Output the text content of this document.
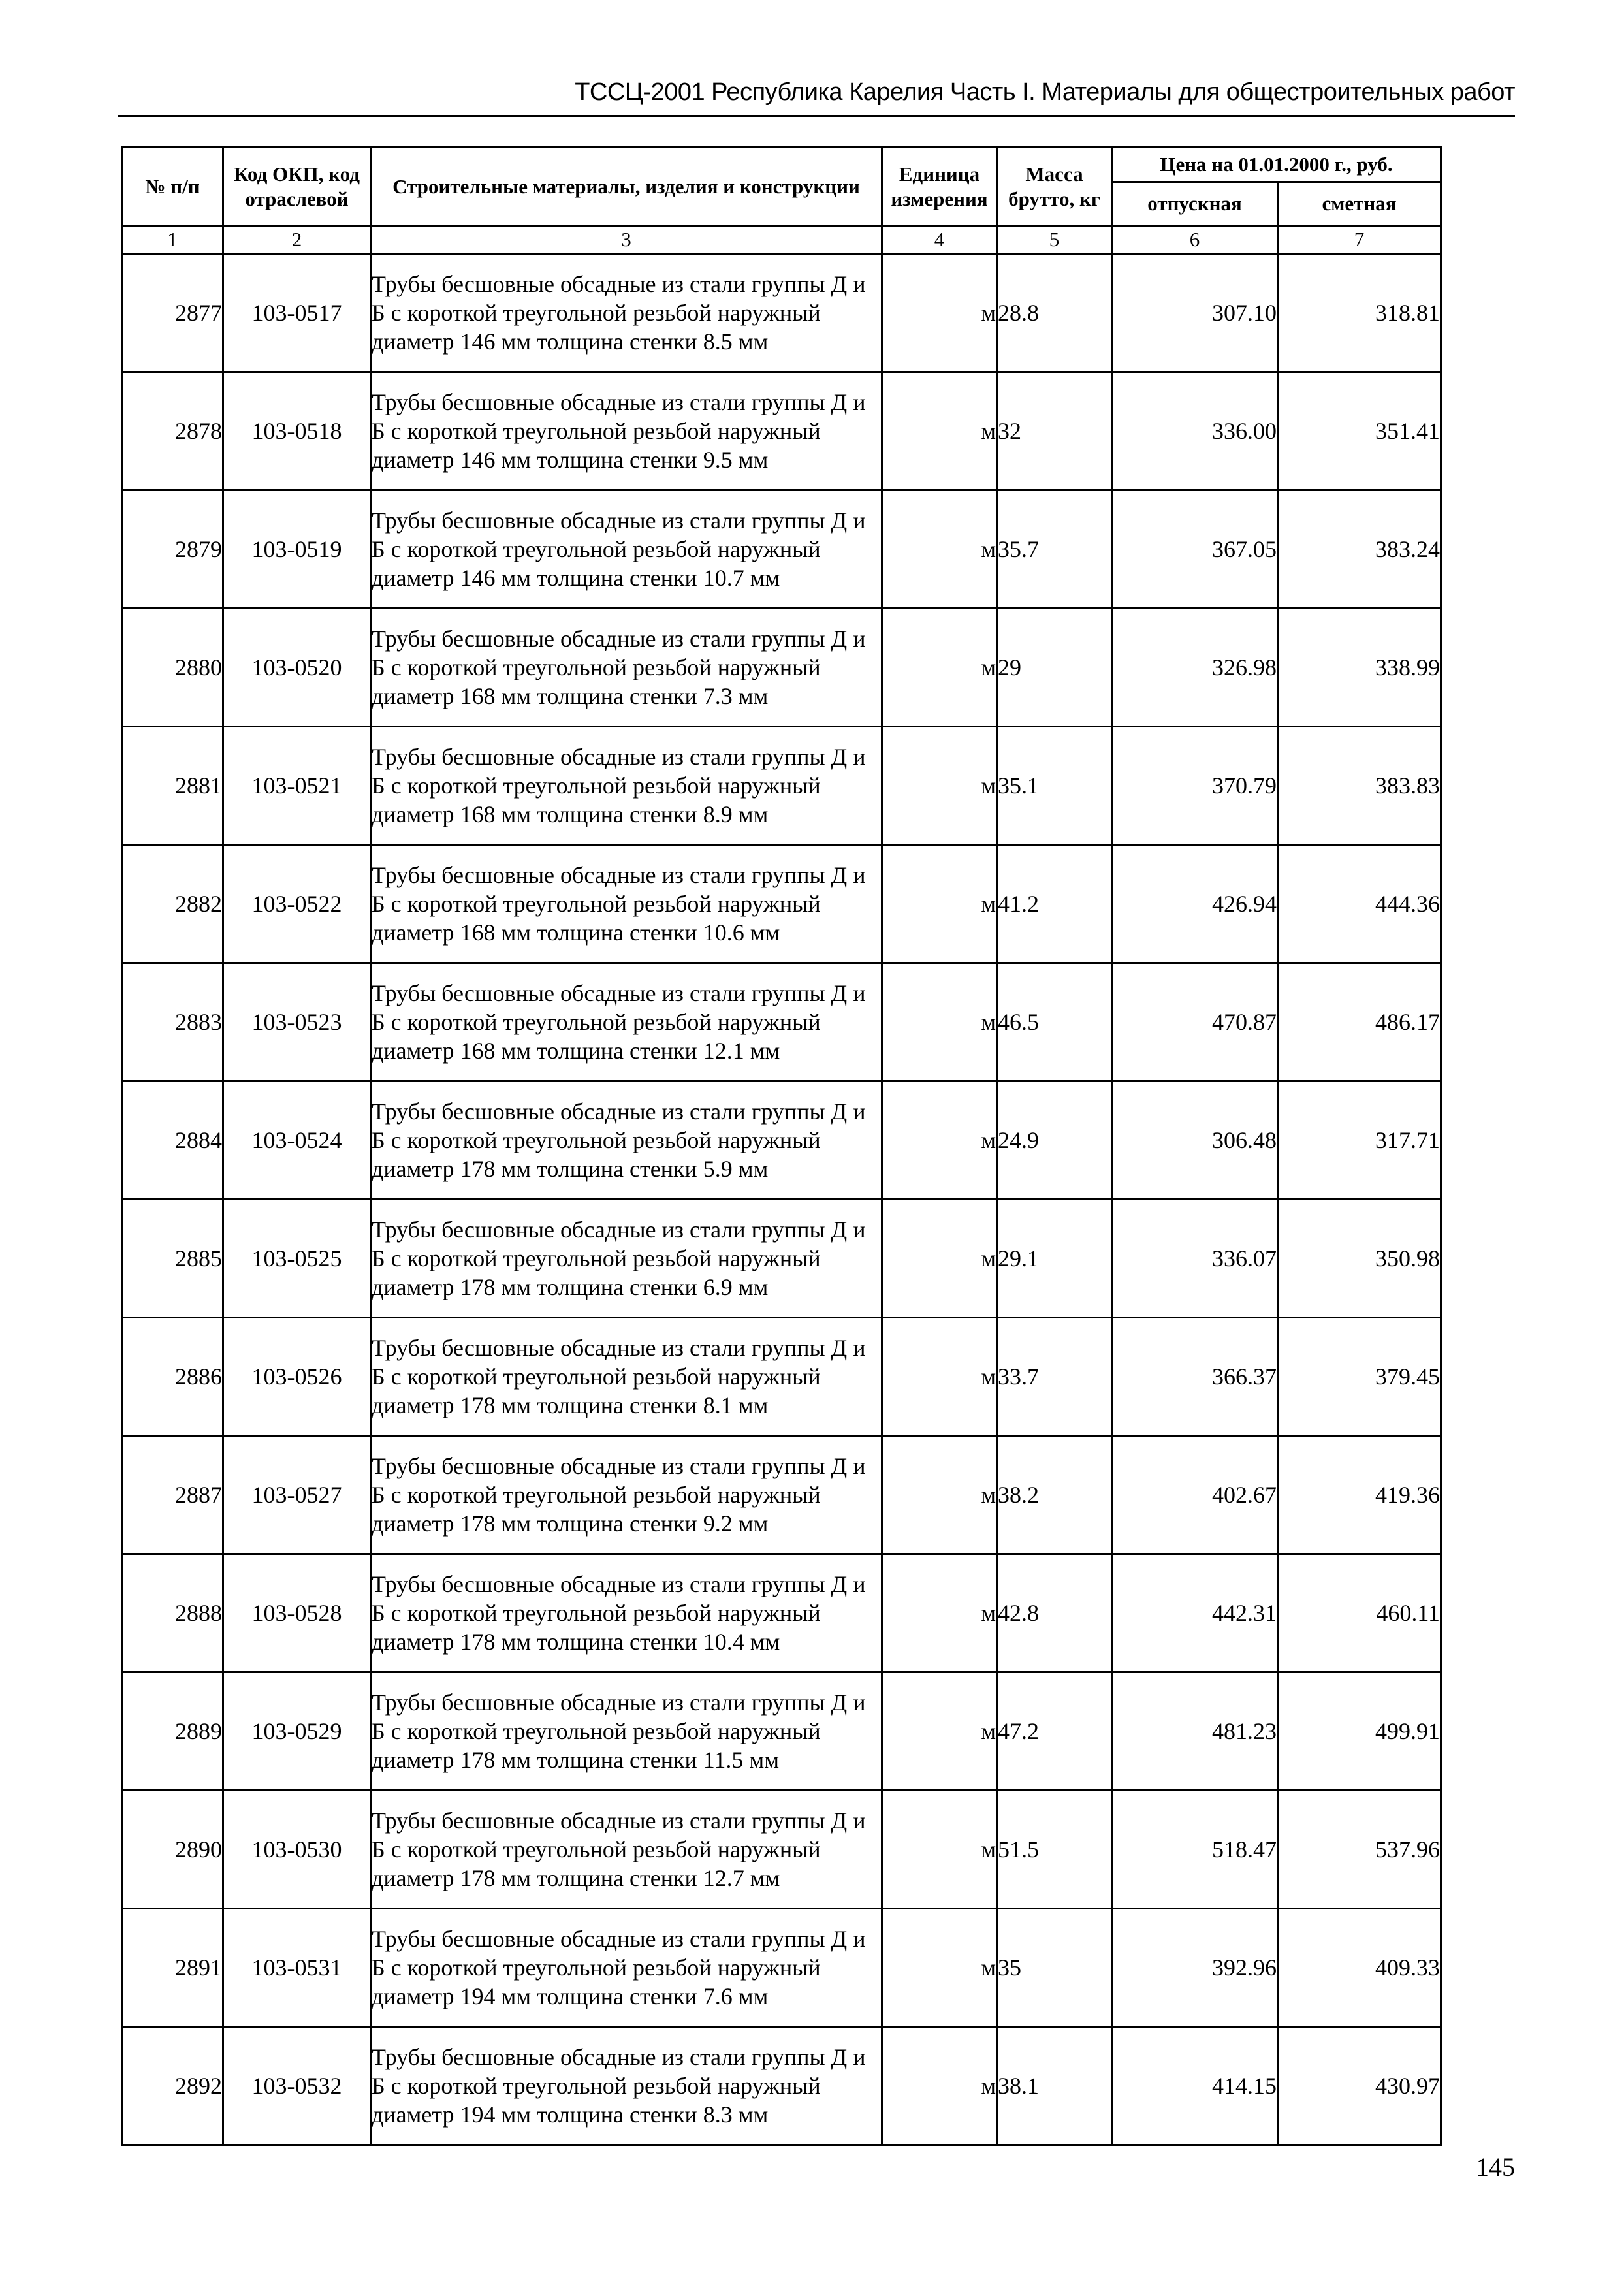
ТССЦ-2001 Республика Карелия Часть I. Материалы для общестроительных работ
№ п/п	Код ОКП, код отраслевой	Строительные материалы, изделия и конструкции	Единица измерения	Масса брутто, кг	Цена на 01.01.2000 г., руб.	
					отпускная	сметная
1	2	3	4	5	6	7
2877	103-0517	Трубы бесшовные обсадные из стали группы Д и Б с короткой треугольной резьбой наружный диаметр 146 мм толщина стенки 8.5 мм	м	28.8	307.10	318.81
2878	103-0518	Трубы бесшовные обсадные из стали группы Д и Б с короткой треугольной резьбой наружный диаметр 146 мм толщина стенки 9.5 мм	м	32	336.00	351.41
2879	103-0519	Трубы бесшовные обсадные из стали группы Д и Б с короткой треугольной резьбой наружный диаметр 146 мм толщина стенки 10.7 мм	м	35.7	367.05	383.24
2880	103-0520	Трубы бесшовные обсадные из стали группы Д и Б с короткой треугольной резьбой наружный диаметр 168 мм толщина стенки 7.3 мм	м	29	326.98	338.99
2881	103-0521	Трубы бесшовные обсадные из стали группы Д и Б с короткой треугольной резьбой наружный диаметр 168 мм толщина стенки 8.9 мм	м	35.1	370.79	383.83
2882	103-0522	Трубы бесшовные обсадные из стали группы Д и Б с короткой треугольной резьбой наружный диаметр 168 мм толщина стенки 10.6 мм	м	41.2	426.94	444.36
2883	103-0523	Трубы бесшовные обсадные из стали группы Д и Б с короткой треугольной резьбой наружный диаметр 168 мм толщина стенки 12.1 мм	м	46.5	470.87	486.17
2884	103-0524	Трубы бесшовные обсадные из стали группы Д и Б с короткой треугольной резьбой наружный диаметр 178 мм толщина стенки 5.9 мм	м	24.9	306.48	317.71
2885	103-0525	Трубы бесшовные обсадные из стали группы Д и Б с короткой треугольной резьбой наружный диаметр 178 мм толщина стенки 6.9 мм	м	29.1	336.07	350.98
2886	103-0526	Трубы бесшовные обсадные из стали группы Д и Б с короткой треугольной резьбой наружный диаметр 178 мм толщина стенки 8.1 мм	м	33.7	366.37	379.45
2887	103-0527	Трубы бесшовные обсадные из стали группы Д и Б с короткой треугольной резьбой наружный диаметр 178 мм толщина стенки 9.2 мм	м	38.2	402.67	419.36
2888	103-0528	Трубы бесшовные обсадные из стали группы Д и Б с короткой треугольной резьбой наружный диаметр 178 мм толщина стенки 10.4 мм	м	42.8	442.31	460.11
2889	103-0529	Трубы бесшовные обсадные из стали группы Д и Б с короткой треугольной резьбой наружный диаметр 178 мм толщина стенки 11.5 мм	м	47.2	481.23	499.91
2890	103-0530	Трубы бесшовные обсадные из стали группы Д и Б с короткой треугольной резьбой наружный диаметр 178 мм толщина стенки 12.7 мм	м	51.5	518.47	537.96
2891	103-0531	Трубы бесшовные обсадные из стали группы Д и Б с короткой треугольной резьбой наружный диаметр 194 мм толщина стенки 7.6 мм	м	35	392.96	409.33
2892	103-0532	Трубы бесшовные обсадные из стали группы Д и Б с короткой треугольной резьбой наружный диаметр 194 мм толщина стенки 8.3 мм	м	38.1	414.15	430.97
145
